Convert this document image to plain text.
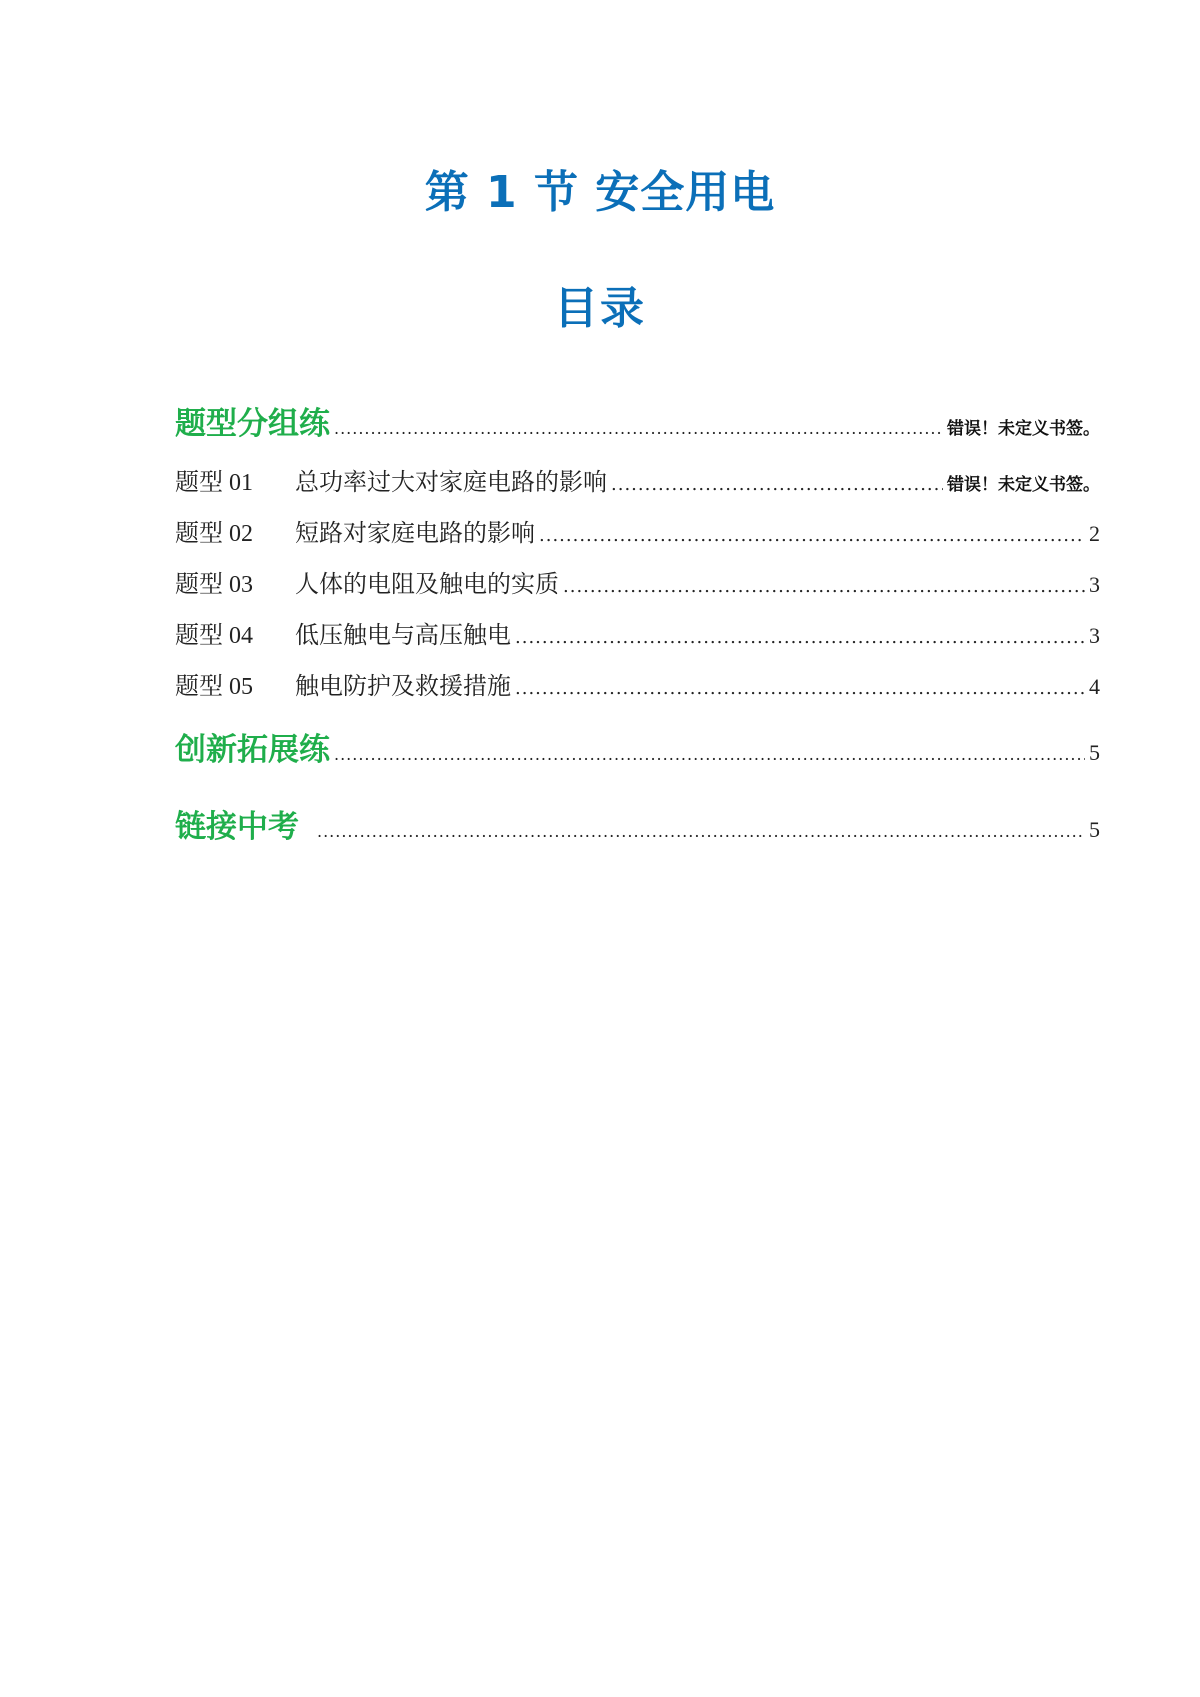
第 1 节 安全用电
目录
题型分组练 .....	错误！未定义书签。
题型 01 总功率过大对家庭电路的影响 .....	错误！未定义书签。
题型 02 短路对家庭电路的影响 .....	2
题型 03 人体的电阻及触电的实质 .....	3
题型 04 低压触电与高压触电 .....	3
题型 05 触电防护及救援措施 .....	4
创新拓展练 .....	5
链接中考 .....	5
